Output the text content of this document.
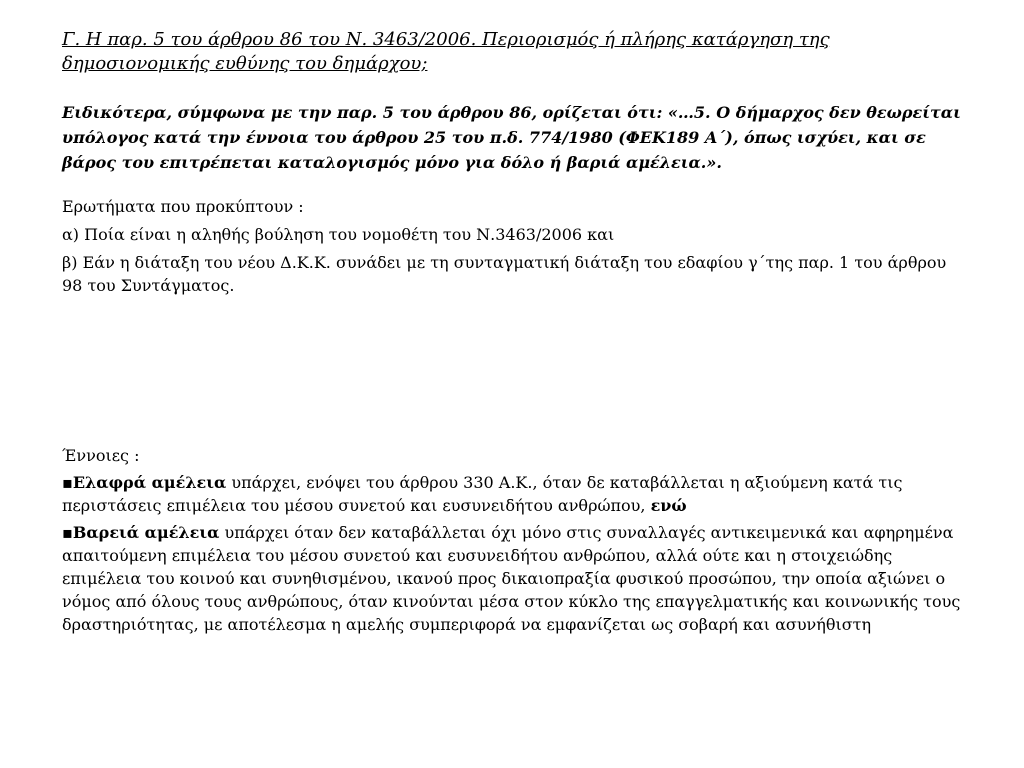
Γ. Η παρ. 5 του άρθρου 86 του Ν. 3463/2006. Περιορισμός ή πλήρης κατάργηση της δημοσιονομικής ευθύνης του δημάρχου;

Ειδικότερα, σύμφωνα με την παρ. 5 του άρθρου 86, ορίζεται ότι: «…5. Ο δήμαρχος δεν θεωρείται υπόλογος κατά την έννοια του άρθρου 25 του π.δ. 774/1980 (ΦΕΚ189 Α΄), όπως ισχύει, και σε βάρος του επιτρέπεται καταλογισμός μόνο για δόλο ή βαριά αμέλεια.».

Ερωτήματα που προκύπτουν :

α) Ποία είναι η αληθής βούληση του νομοθέτη του Ν.3463/2006 και

β) Εάν η διάταξη του νέου Δ.Κ.Κ. συνάδει με τη συνταγματική διάταξη του εδαφίου γ΄της παρ. 1 του άρθρου 98 του Συντάγματος.

Έννοιες :

▪Ελαφρά αμέλεια υπάρχει, ενόψει του άρθρου 330 Α.Κ., όταν δε καταβάλλεται η αξιούμενη κατά τις περιστάσεις επιμέλεια του μέσου συνετού και ευσυνειδήτου ανθρώπου, ενώ

▪Βαρειά αμέλεια υπάρχει όταν δεν καταβάλλεται όχι μόνο στις συναλλαγές αντικειμενικά και αφηρημένα απαιτούμενη επιμέλεια του μέσου συνετού και ευσυνειδήτου ανθρώπου, αλλά ούτε και η στοιχειώδης επιμέλεια του κοινού και συνηθισμένου, ικανού προς δικαιοπραξία φυσικού προσώπου, την οποία αξιώνει ο νόμος από όλους τους ανθρώπους, όταν κινούνται μέσα στον κύκλο της επαγγελματικής και κοινωνικής τους δραστηριότητας, με αποτέλεσμα η αμελής συμπεριφορά να εμφανίζεται ως σοβαρή και ασυνήθιστη
